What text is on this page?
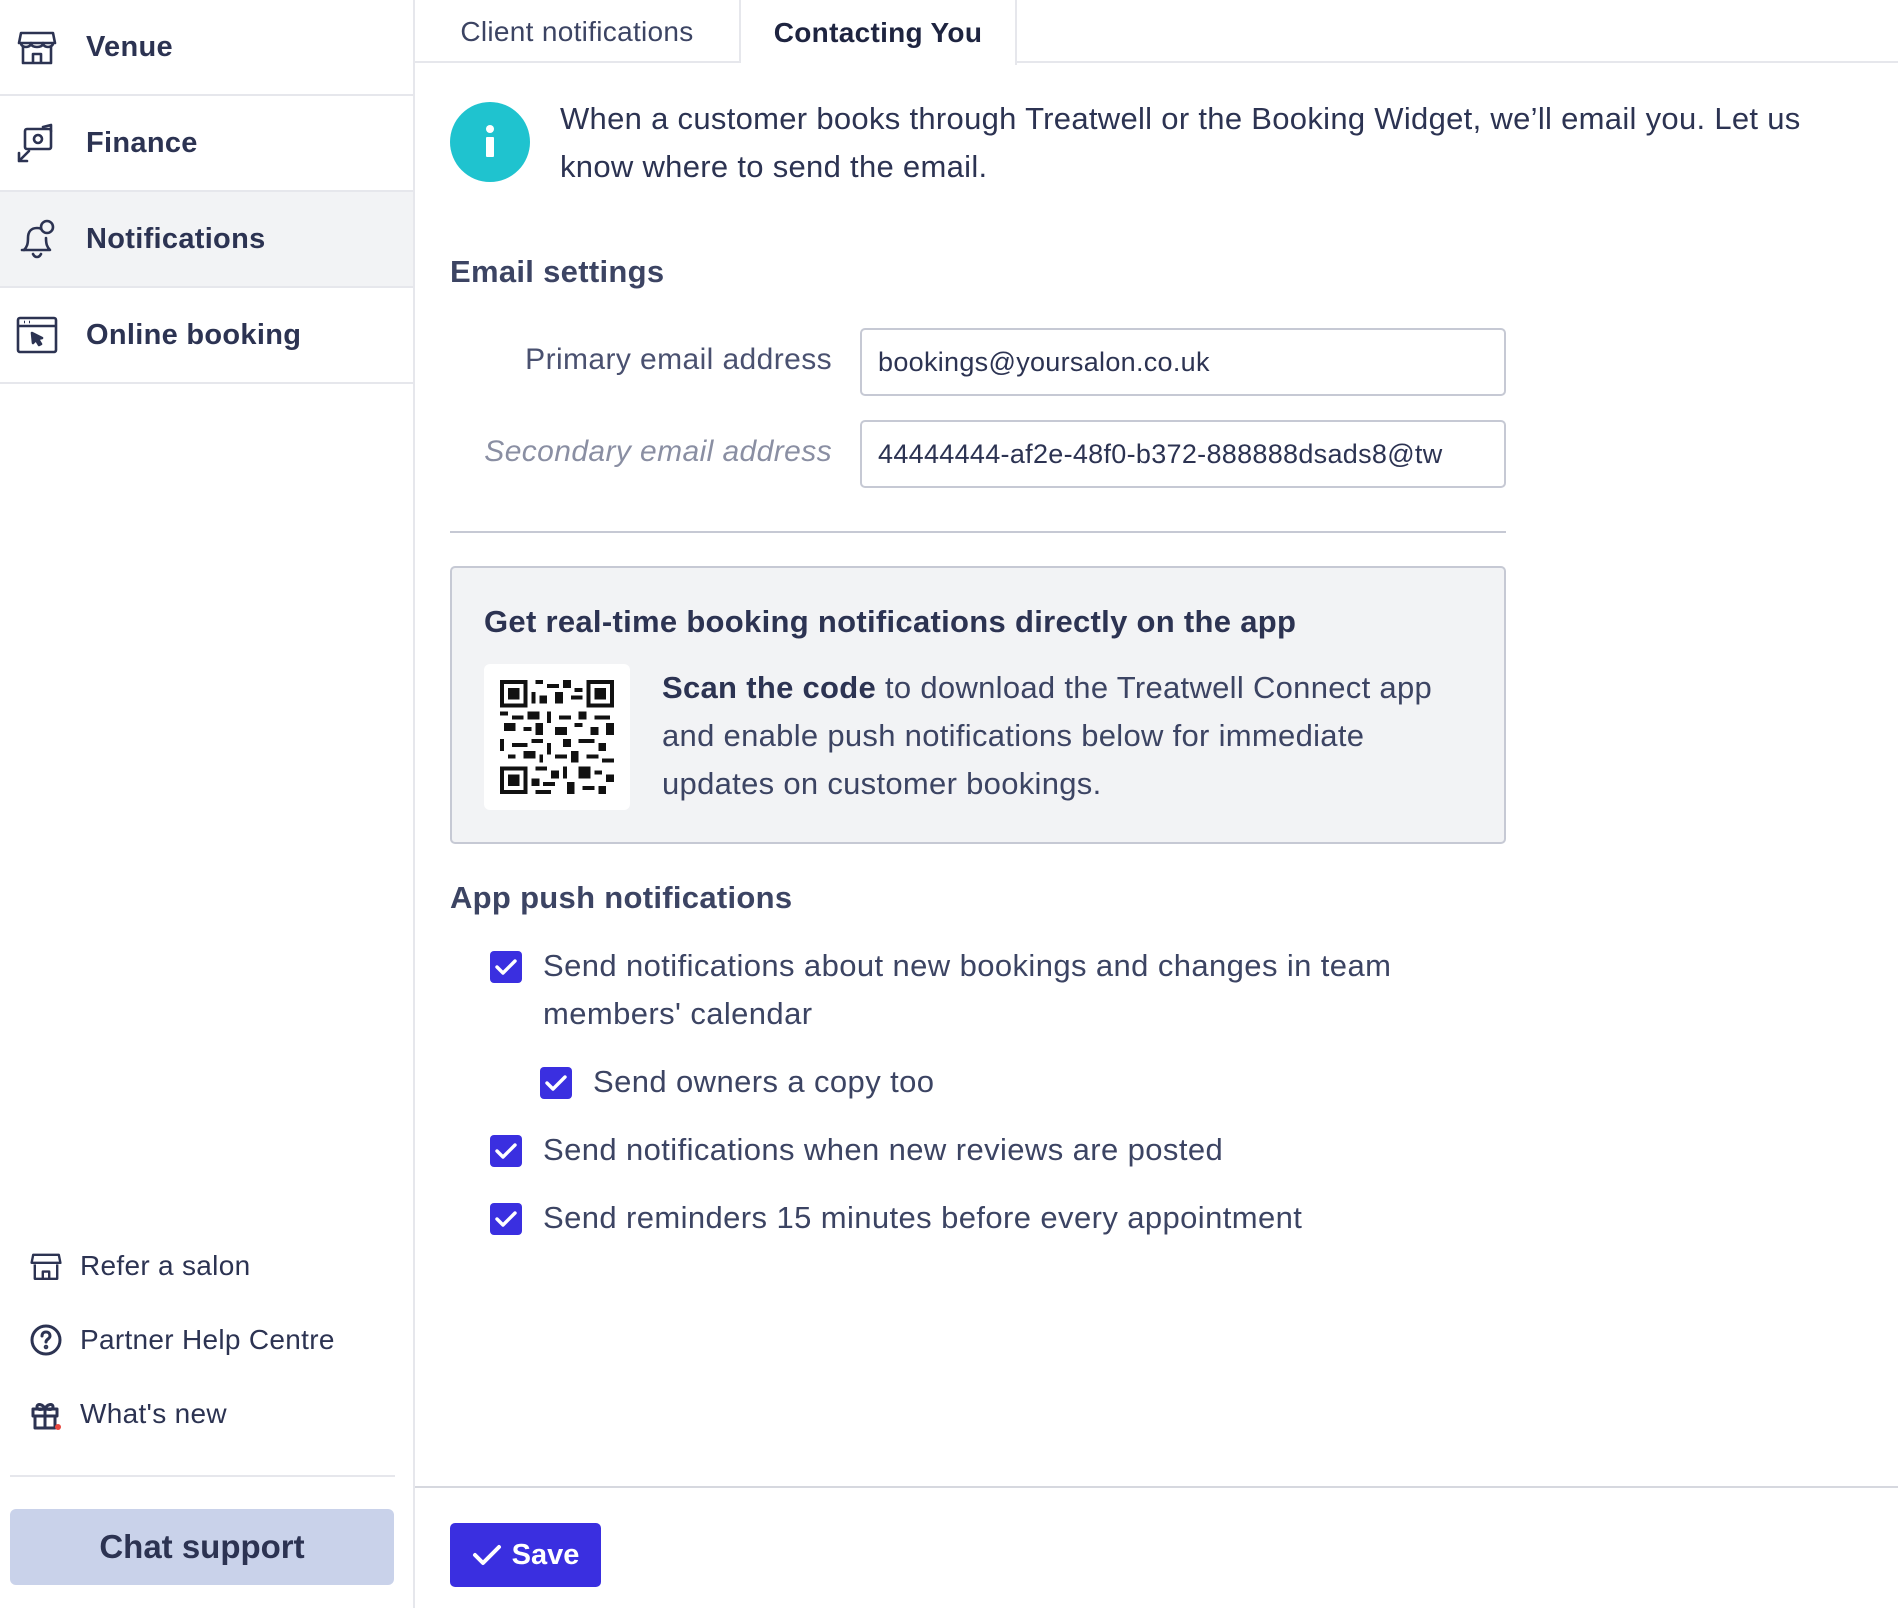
Venue
Finance
Notifications
Online booking
Refer a salon
Partner Help Centre
What's new
Chat support
Client notifications	Contacting You

When a customer books through Treatwell or the Booking Widget, we’ll email you. Let us know where to send the email.

Email settings
Primary email address
bookings@yoursalon.co.uk
Secondary email address
44444444-af2e-48f0-b372-888888dsads8@tw
Get real-time booking notifications directly on the app

Scan the code to download the Treatwell Connect app and enable push notifications below for immediate updates on customer bookings.

App push notifications
Send notifications about new bookings and changes in team members' calendar
Send owners a copy too
Send notifications when new reviews are posted
Send reminders 15 minutes before every appointment
Save
